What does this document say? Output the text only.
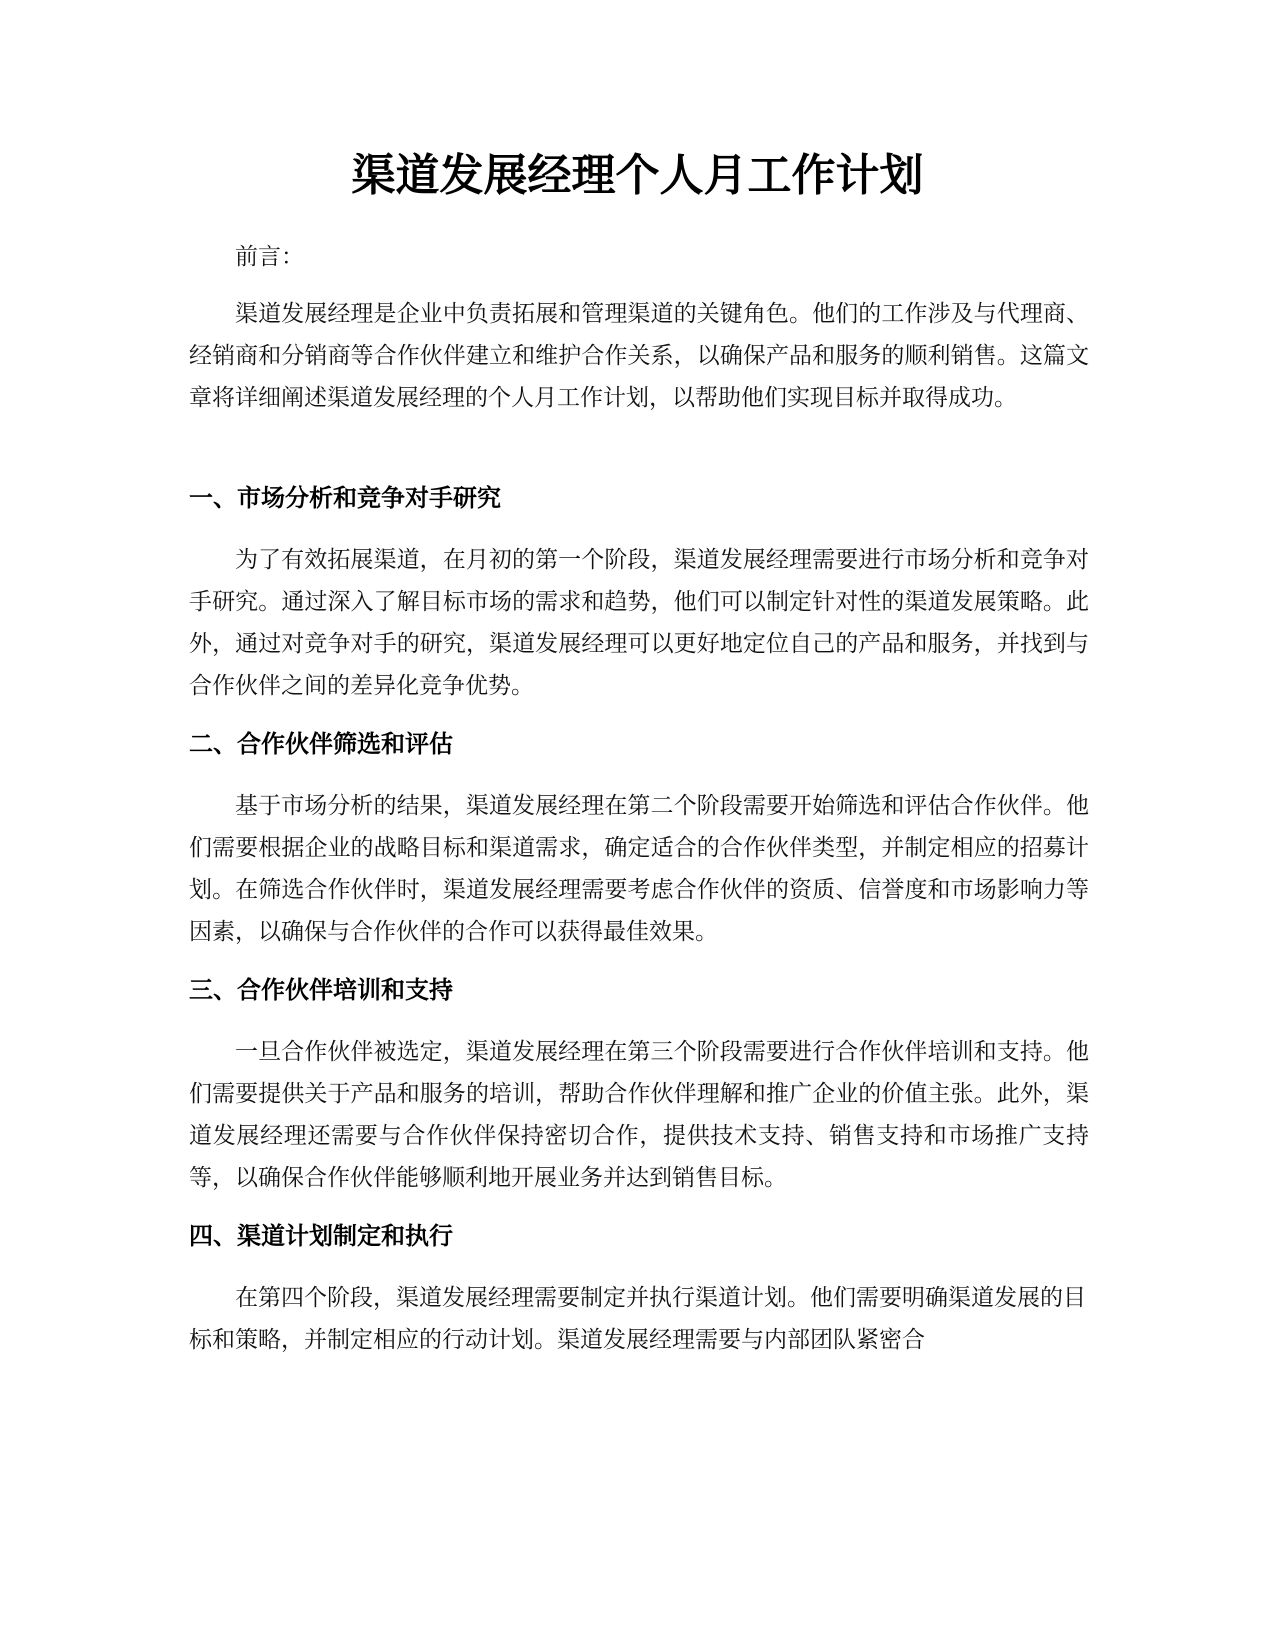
渠道发展经理个人月工作计划

前言：

渠道发展经理是企业中负责拓展和管理渠道的关键角色。他们的工作涉及与代理商、经销商和分销商等合作伙伴建立和维护合作关系，以确保产品和服务的顺利销售。这篇文章将详细阐述渠道发展经理的个人月工作计划，以帮助他们实现目标并取得成功。

一、市场分析和竞争对手研究

为了有效拓展渠道，在月初的第一个阶段，渠道发展经理需要进行市场分析和竞争对手研究。通过深入了解目标市场的需求和趋势，他们可以制定针对性的渠道发展策略。此外，通过对竞争对手的研究，渠道发展经理可以更好地定位自己的产品和服务，并找到与合作伙伴之间的差异化竞争优势。

二、合作伙伴筛选和评估

基于市场分析的结果，渠道发展经理在第二个阶段需要开始筛选和评估合作伙伴。他们需要根据企业的战略目标和渠道需求，确定适合的合作伙伴类型，并制定相应的招募计划。在筛选合作伙伴时，渠道发展经理需要考虑合作伙伴的资质、信誉度和市场影响力等因素，以确保与合作伙伴的合作可以获得最佳效果。

三、合作伙伴培训和支持

一旦合作伙伴被选定，渠道发展经理在第三个阶段需要进行合作伙伴培训和支持。他们需要提供关于产品和服务的培训，帮助合作伙伴理解和推广企业的价值主张。此外，渠道发展经理还需要与合作伙伴保持密切合作，提供技术支持、销售支持和市场推广支持等，以确保合作伙伴能够顺利地开展业务并达到销售目标。

四、渠道计划制定和执行

在第四个阶段，渠道发展经理需要制定并执行渠道计划。他们需要明确渠道发展的目标和策略，并制定相应的行动计划。渠道发展经理需要与内部团队紧密合
